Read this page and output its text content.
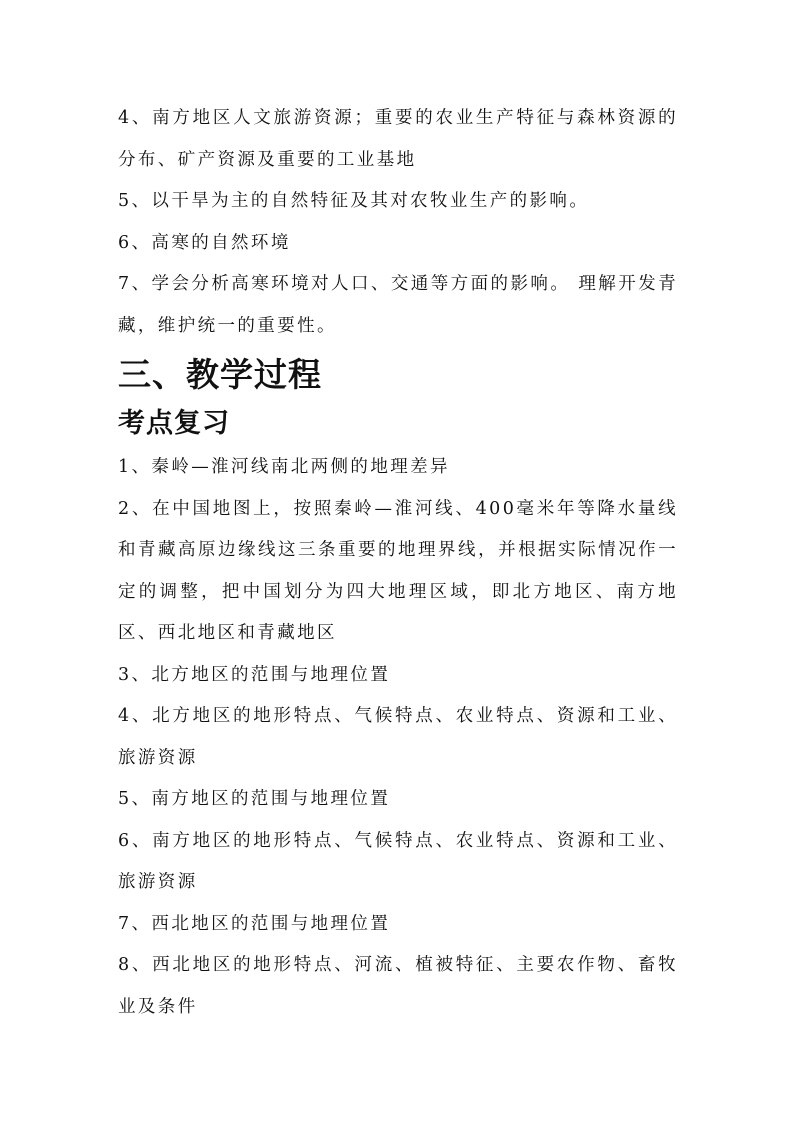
4、南方地区人文旅游资源；重要的农业生产特征与森林资源的分布、矿产资源及重要的工业基地

5、以干旱为主的自然特征及其对农牧业生产的影响。

6、高寒的自然环境

7、学会分析高寒环境对人口、交通等方面的影响。 理解开发青藏，维护统一的重要性。

三、教学过程
考点复习

1、秦岭—淮河线南北两侧的地理差异

2、在中国地图上，按照秦岭—淮河线、400毫米年等降水量线和青藏高原边缘线这三条重要的地理界线，并根据实际情况作一定的调整，把中国划分为四大地理区域，即北方地区、南方地区、西北地区和青藏地区

3、北方地区的范围与地理位置

4、北方地区的地形特点、气候特点、农业特点、资源和工业、旅游资源

5、南方地区的范围与地理位置

6、南方地区的地形特点、气候特点、农业特点、资源和工业、旅游资源

7、西北地区的范围与地理位置

8、西北地区的地形特点、河流、植被特征、主要农作物、畜牧业及条件
